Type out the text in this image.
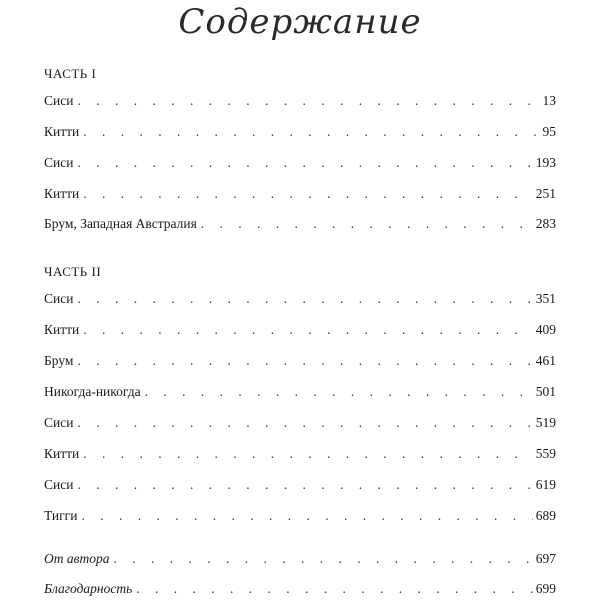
Содержание
ЧАСТЬ I
Сиси . . .	13
Китти . . .	95
Сиси . . .	193
Китти . . .	251
Брум, Западная Австралия . . .	283
ЧАСТЬ II
Сиси . . .	351
Китти . . .	409
Брум . . .	461
Никогда-никогда . . .	501
Сиси . . .	519
Китти . . .	559
Сиси . . .	619
Тигги . . .	689
От автора . . .	697
Благодарность . . .	699
